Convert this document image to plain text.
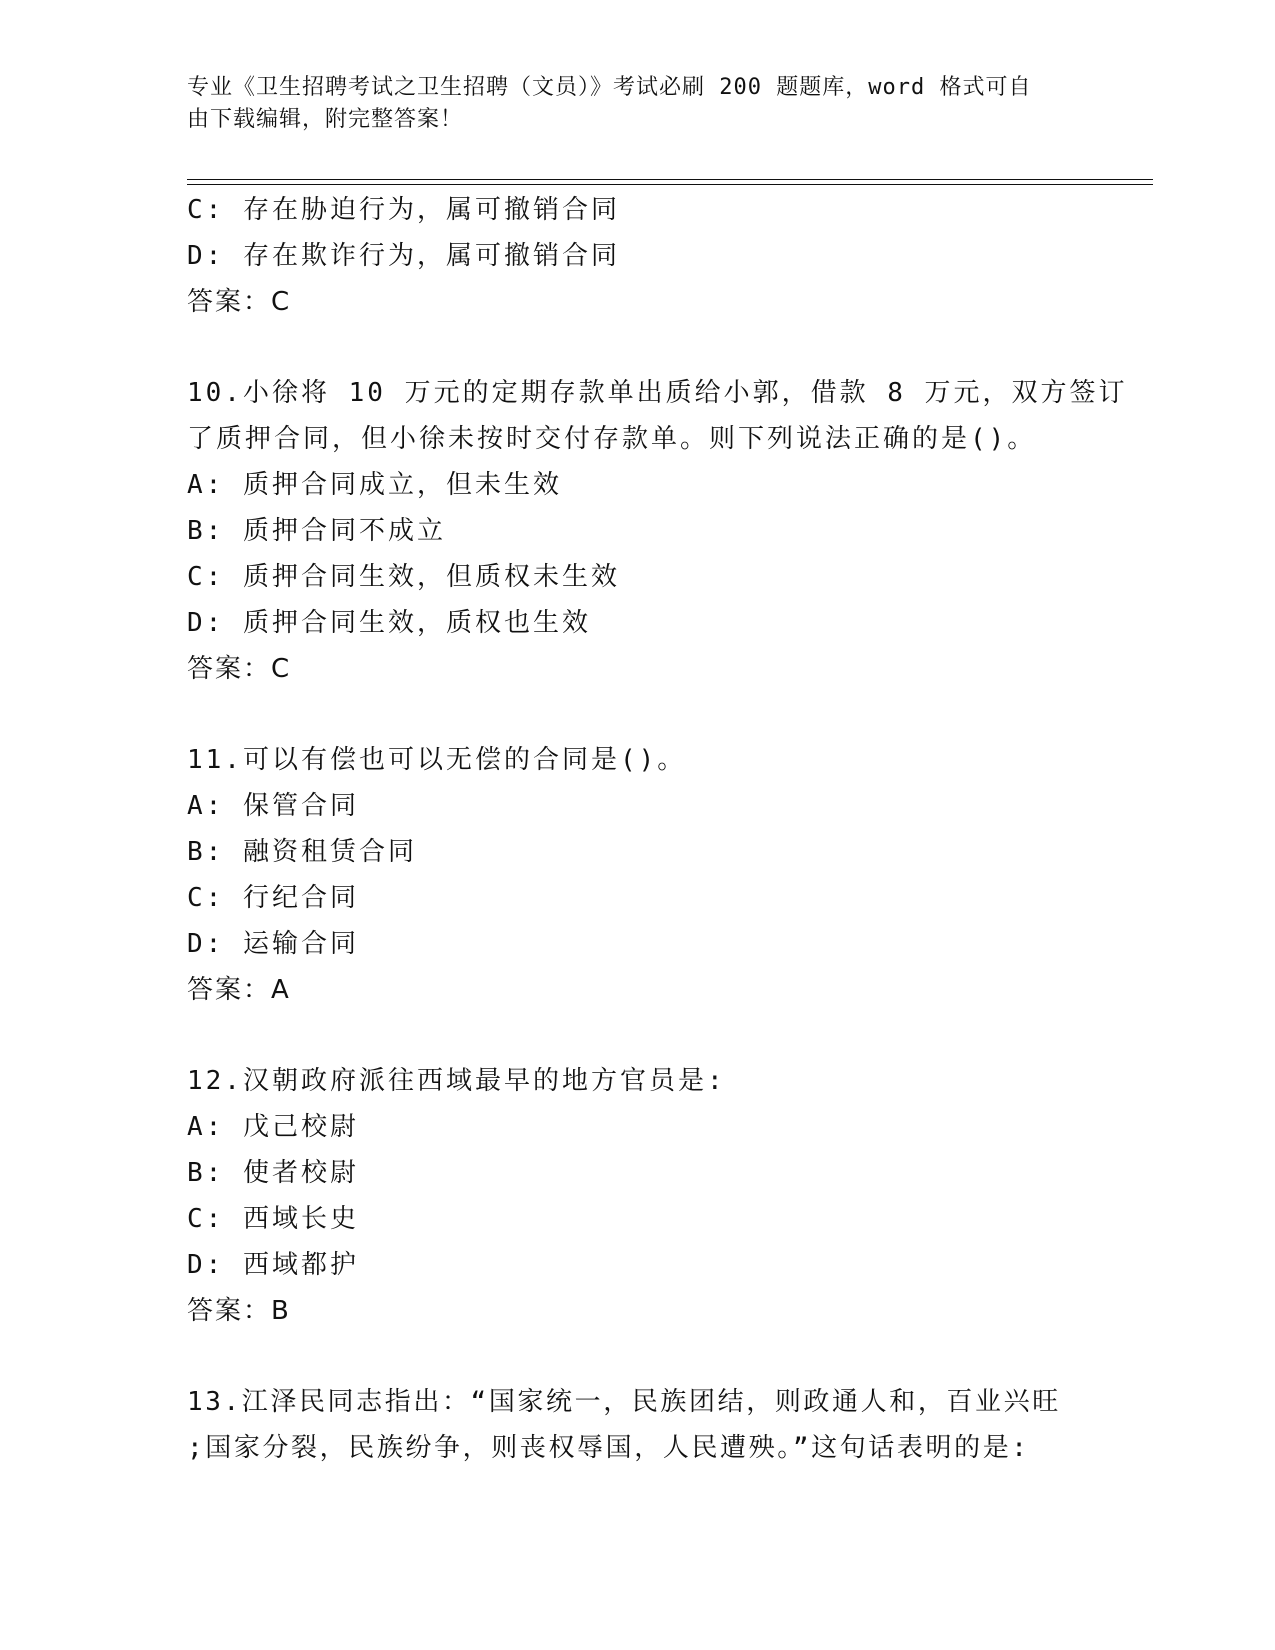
专业《卫生招聘考试之卫生招聘（文员）》考试必刷 200 题题库，word 格式可自
由下载编辑，附完整答案！
C: 存在胁迫行为，属可撤销合同
D: 存在欺诈行为，属可撤销合同
答案：C
10.小徐将 10 万元的定期存款单出质给小郭，借款 8 万元，双方签订
了质押合同，但小徐未按时交付存款单。则下列说法正确的是()。
A: 质押合同成立，但未生效
B: 质押合同不成立
C: 质押合同生效，但质权未生效
D: 质押合同生效，质权也生效
答案：C
11.可以有偿也可以无偿的合同是()。
A: 保管合同
B: 融资租赁合同
C: 行纪合同
D: 运输合同
答案：A
12.汉朝政府派往西域最早的地方官员是:
A: 戊己校尉
B: 使者校尉
C: 西域长史
D: 西域都护
答案：B
13.江泽民同志指出：“国家统一，民族团结，则政通人和，百业兴旺
;国家分裂，民族纷争，则丧权辱国，人民遭殃。”这句话表明的是:
